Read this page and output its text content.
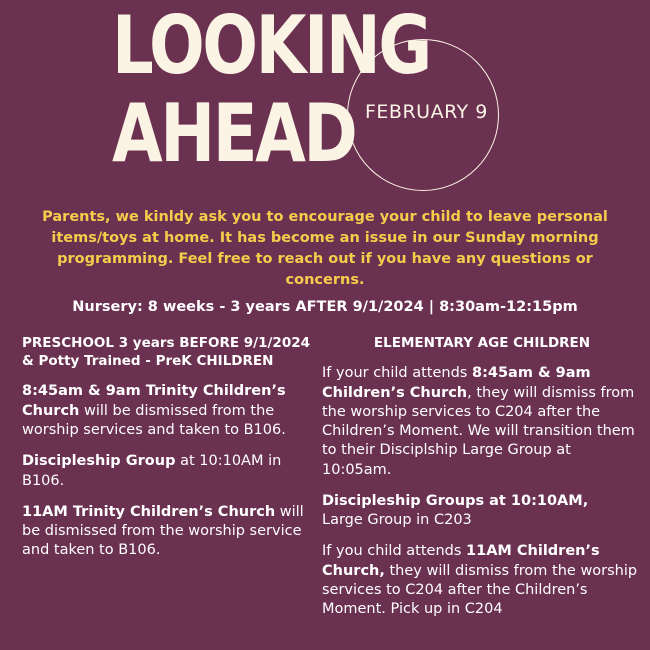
LOOKING
AHEAD FEBRUARY 9

Parents, we kinldy ask you to encourage your child to leave personal items/toys at home. It has become an issue in our Sunday morning programming. Feel free to reach out if you have any questions or concerns.

Nursery: 8 weeks - 3 years AFTER 9/1/2024 | 8:30am-12:15pm

PRESCHOOL 3 years BEFORE 9/1/2024 & Potty Trained - PreK CHILDREN

8:45am & 9am Trinity Children’s Church will be dismissed from the worship services and taken to B106.

Discipleship Group at 10:10AM in B106.

11AM Trinity Children’s Church will be dismissed from the worship service and taken to B106.

ELEMENTARY AGE CHILDREN

If your child attends 8:45am & 9am Children’s Church, they will dismiss from the worship services to C204 after the Children’s Moment. We will transition them to their Disciplship Large Group at 10:05am.

Discipleship Groups at 10:10AM,
Large Group in C203

If you child attends 11AM Children’s Church, they will dismiss from the worship services to C204 after the Children’s Moment. Pick up in C204
